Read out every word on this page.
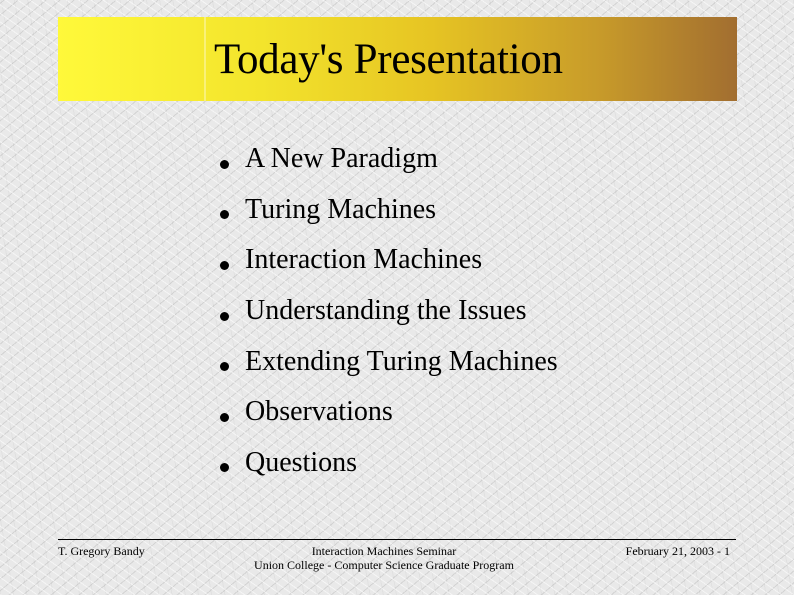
Today's Presentation
A New Paradigm
Turing Machines
Interaction Machines
Understanding the Issues
Extending Turing Machines
Observations
Questions
T. Gregory Bandy	Interaction Machines Seminar
Union College - Computer Science Graduate Program
February 21, 2003 - 1
